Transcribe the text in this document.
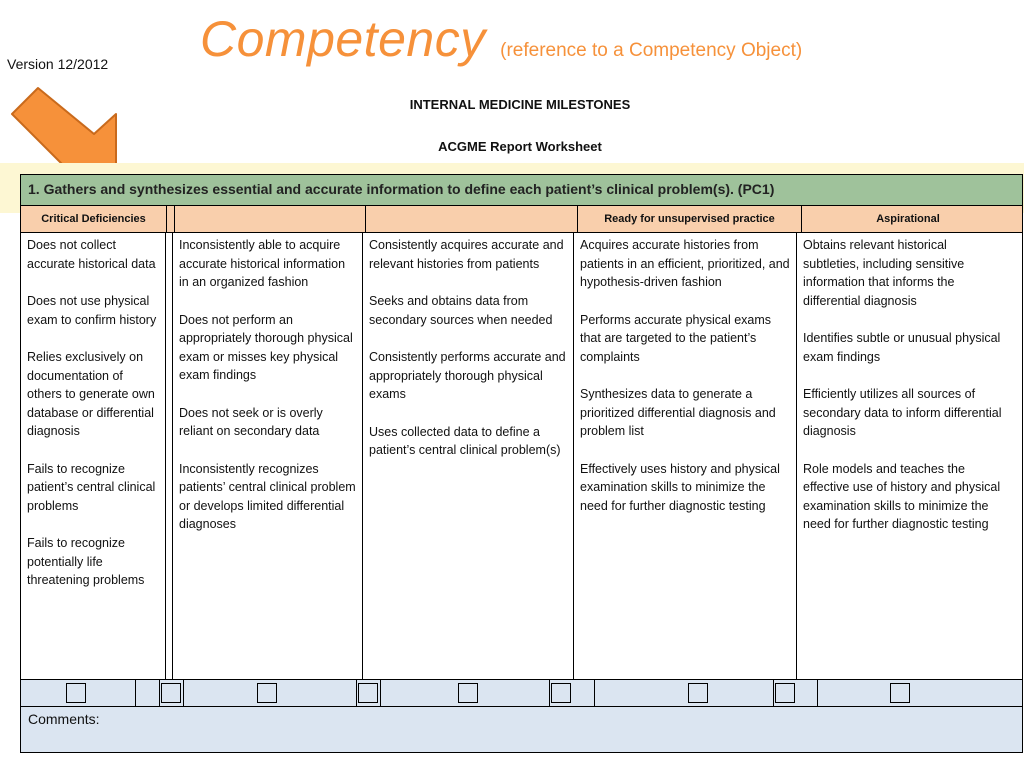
Version 12/2012 Competency (reference to a Competency Object)
INTERNAL MEDICINE MILESTONES
ACGME Report Worksheet
1. Gathers and synthesizes essential and accurate information to define each patient’s clinical problem(s). (PC1)
Critical Deficiencies	Ready for unsupervised practice	Aspirational
Does not collect accurate historical data
Does not use physical exam to confirm history
Relies exclusively on documentation of others to generate own database or differential diagnosis
Fails to recognize patient’s central clinical problems
Fails to recognize potentially life threatening problems
Inconsistently able to acquire accurate historical information in an organized fashion
Does not perform an appropriately thorough physical exam or misses key physical exam findings
Does not seek or is overly reliant on secondary data
Inconsistently recognizes patients’ central clinical problem or develops limited differential diagnoses
Consistently acquires accurate and relevant histories from patients
Seeks and obtains data from secondary sources when needed
Consistently performs accurate and appropriately thorough physical exams
Uses collected data to define a patient’s central clinical problem(s)
Acquires accurate histories from patients in an efficient, prioritized, and hypothesis-driven fashion
Performs accurate physical exams that are targeted to the patient’s complaints
Synthesizes data to generate a prioritized differential diagnosis and problem list
Effectively uses history and physical examination skills to minimize the need for further diagnostic testing
Obtains relevant historical subtleties, including sensitive information that informs the differential diagnosis
Identifies subtle or unusual physical exam findings
Efficiently utilizes all sources of secondary data to inform differential diagnosis
Role models and teaches the effective use of history and physical examination skills to minimize the need for further diagnostic testing
Comments:
